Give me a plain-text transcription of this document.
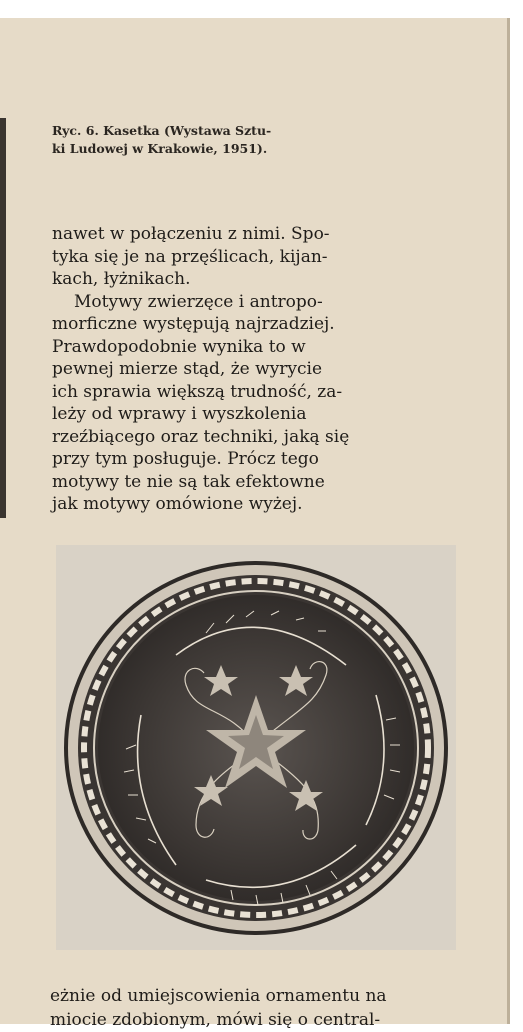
Ryc. 6. Kasetka (Wystawa Sztu-
ki Ludowej w Krakowie, 1951).

nawet w połączeniu z nimi. Spo-
tyka się je na przęślicach, kijan-
kach, łyżnikach.

Motywy zwierzęce i antropo-
morficzne występują najrzadziej.
Prawdopodobnie wynika to w
pewnej mierze stąd, że wyrycie
ich sprawia większą trudność, za-
leży od wprawy i wyszkolenia
rzeźbiącego oraz techniki, jaką się
przy tym posługuje. Prócz tego
motywy te nie są tak efektowne
jak motywy omówione wyżej.

eżnie od umiejscowienia ornamentu na
miocie zdobionym, mówi się o central-
